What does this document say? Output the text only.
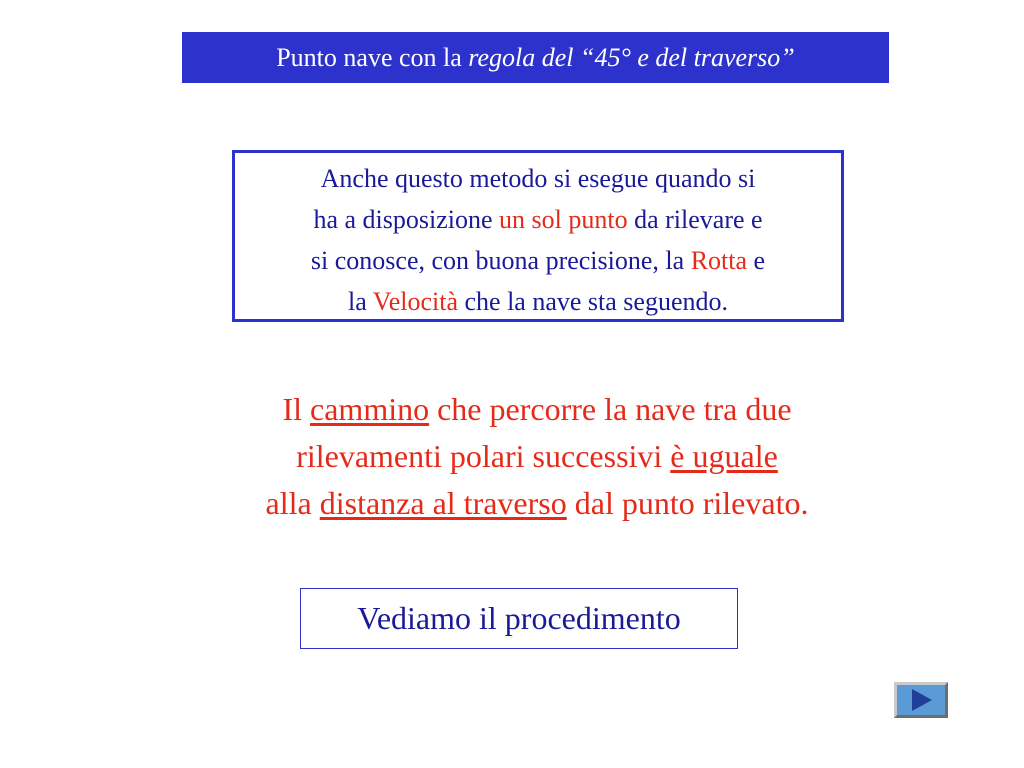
Punto nave con la regola del “45° e del traverso”
Anche questo metodo si esegue quando si
ha a disposizione un sol punto da rilevare e
si conosce, con buona precisione, la Rotta e
la Velocità che la nave sta seguendo.
Il cammino che percorre la nave tra due
rilevamenti polari successivi è uguale
alla distanza al traverso dal punto rilevato.
Vediamo il procedimento
